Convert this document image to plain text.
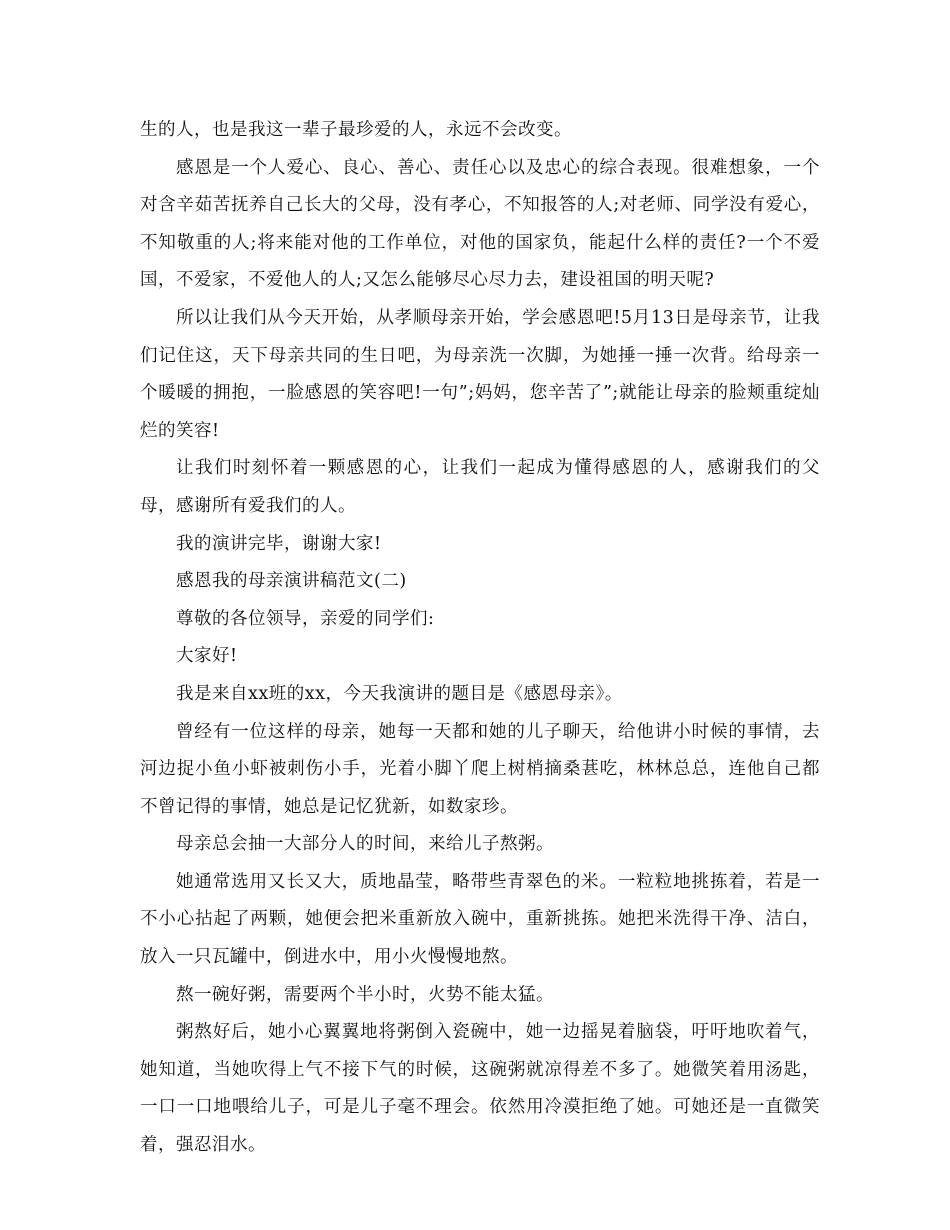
生的人，也是我这一辈子最珍爱的人，永远不会改变。

感恩是一个人爱心、良心、善心、责任心以及忠心的综合表现。很难想象，一个对含辛茹苦抚养自己长大的父母，没有孝心，不知报答的人;对老师、同学没有爱心，不知敬重的人;将来能对他的工作单位，对他的国家负，能起什么样的责任?一个不爱国，不爱家，不爱他人的人;又怎么能够尽心尽力去，建设祖国的明天呢?

所以让我们从今天开始，从孝顺母亲开始，学会感恩吧!5月13日是母亲节，让我们记住这，天下母亲共同的生日吧，为母亲洗一次脚，为她捶一捶一次背。给母亲一个暖暖的拥抱，一脸感恩的笑容吧!一句”;妈妈，您辛苦了”;就能让母亲的脸颊重绽灿烂的笑容!

让我们时刻怀着一颗感恩的心，让我们一起成为懂得感恩的人，感谢我们的父母，感谢所有爱我们的人。

我的演讲完毕，谢谢大家!

感恩我的母亲演讲稿范文(二)

尊敬的各位领导，亲爱的同学们:

大家好!

我是来自xx班的xx，今天我演讲的题目是《感恩母亲》。

曾经有一位这样的母亲，她每一天都和她的儿子聊天，给他讲小时候的事情，去河边捉小鱼小虾被刺伤小手，光着小脚丫爬上树梢摘桑葚吃，林林总总，连他自己都不曾记得的事情，她总是记忆犹新，如数家珍。

母亲总会抽一大部分人的时间，来给儿子熬粥。

她通常选用又长又大，质地晶莹，略带些青翠色的米。一粒粒地挑拣着，若是一不小心拈起了两颗，她便会把米重新放入碗中，重新挑拣。她把米洗得干净、洁白，放入一只瓦罐中，倒进水中，用小火慢慢地熬。

熬一碗好粥，需要两个半小时，火势不能太猛。

粥熬好后，她小心翼翼地将粥倒入瓷碗中，她一边摇晃着脑袋，吁吁地吹着气，她知道，当她吹得上气不接下气的时候，这碗粥就凉得差不多了。她微笑着用汤匙，一口一口地喂给儿子，可是儿子毫不理会。依然用冷漠拒绝了她。可她还是一直微笑着，强忍泪水。
